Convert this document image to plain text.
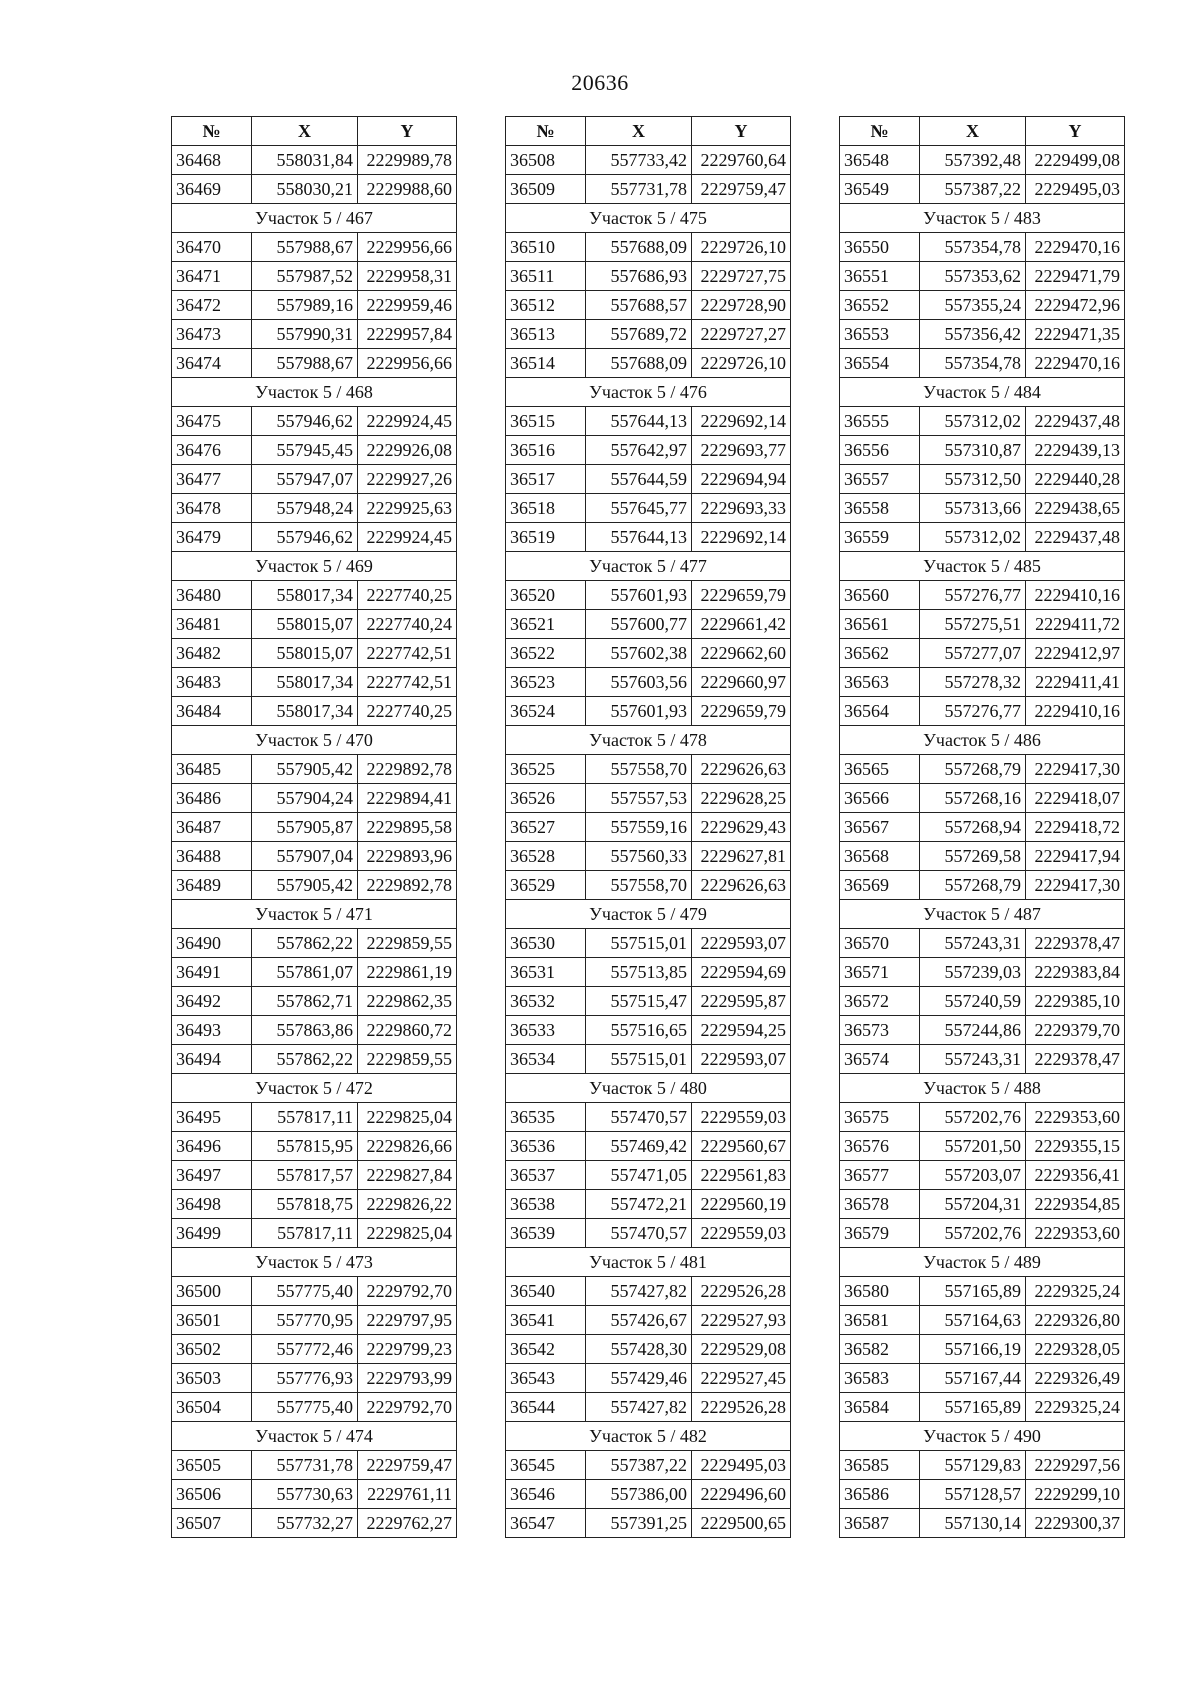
20636
№	X	Y
36468	558031,84	2229989,78
36469	558030,21	2229988,60
Участок 5 / 467		
36470	557988,67	2229956,66
36471	557987,52	2229958,31
36472	557989,16	2229959,46
36473	557990,31	2229957,84
36474	557988,67	2229956,66
Участок 5 / 468		
36475	557946,62	2229924,45
36476	557945,45	2229926,08
36477	557947,07	2229927,26
36478	557948,24	2229925,63
36479	557946,62	2229924,45
Участок 5 / 469		
36480	558017,34	2227740,25
36481	558015,07	2227740,24
36482	558015,07	2227742,51
36483	558017,34	2227742,51
36484	558017,34	2227740,25
Участок 5 / 470		
36485	557905,42	2229892,78
36486	557904,24	2229894,41
36487	557905,87	2229895,58
36488	557907,04	2229893,96
36489	557905,42	2229892,78
Участок 5 / 471		
36490	557862,22	2229859,55
36491	557861,07	2229861,19
36492	557862,71	2229862,35
36493	557863,86	2229860,72
36494	557862,22	2229859,55
Участок 5 / 472		
36495	557817,11	2229825,04
36496	557815,95	2229826,66
36497	557817,57	2229827,84
36498	557818,75	2229826,22
36499	557817,11	2229825,04
Участок 5 / 473		
36500	557775,40	2229792,70
36501	557770,95	2229797,95
36502	557772,46	2229799,23
36503	557776,93	2229793,99
36504	557775,40	2229792,70
Участок 5 / 474		
36505	557731,78	2229759,47
36506	557730,63	2229761,11
36507	557732,27	2229762,27
№	X	Y
36508	557733,42	2229760,64
36509	557731,78	2229759,47
Участок 5 / 475		
36510	557688,09	2229726,10
36511	557686,93	2229727,75
36512	557688,57	2229728,90
36513	557689,72	2229727,27
36514	557688,09	2229726,10
Участок 5 / 476		
36515	557644,13	2229692,14
36516	557642,97	2229693,77
36517	557644,59	2229694,94
36518	557645,77	2229693,33
36519	557644,13	2229692,14
Участок 5 / 477		
36520	557601,93	2229659,79
36521	557600,77	2229661,42
36522	557602,38	2229662,60
36523	557603,56	2229660,97
36524	557601,93	2229659,79
Участок 5 / 478		
36525	557558,70	2229626,63
36526	557557,53	2229628,25
36527	557559,16	2229629,43
36528	557560,33	2229627,81
36529	557558,70	2229626,63
Участок 5 / 479		
36530	557515,01	2229593,07
36531	557513,85	2229594,69
36532	557515,47	2229595,87
36533	557516,65	2229594,25
36534	557515,01	2229593,07
Участок 5 / 480		
36535	557470,57	2229559,03
36536	557469,42	2229560,67
36537	557471,05	2229561,83
36538	557472,21	2229560,19
36539	557470,57	2229559,03
Участок 5 / 481		
36540	557427,82	2229526,28
36541	557426,67	2229527,93
36542	557428,30	2229529,08
36543	557429,46	2229527,45
36544	557427,82	2229526,28
Участок 5 / 482		
36545	557387,22	2229495,03
36546	557386,00	2229496,60
36547	557391,25	2229500,65
№	X	Y
36548	557392,48	2229499,08
36549	557387,22	2229495,03
Участок 5 / 483		
36550	557354,78	2229470,16
36551	557353,62	2229471,79
36552	557355,24	2229472,96
36553	557356,42	2229471,35
36554	557354,78	2229470,16
Участок 5 / 484		
36555	557312,02	2229437,48
36556	557310,87	2229439,13
36557	557312,50	2229440,28
36558	557313,66	2229438,65
36559	557312,02	2229437,48
Участок 5 / 485		
36560	557276,77	2229410,16
36561	557275,51	2229411,72
36562	557277,07	2229412,97
36563	557278,32	2229411,41
36564	557276,77	2229410,16
Участок 5 / 486		
36565	557268,79	2229417,30
36566	557268,16	2229418,07
36567	557268,94	2229418,72
36568	557269,58	2229417,94
36569	557268,79	2229417,30
Участок 5 / 487		
36570	557243,31	2229378,47
36571	557239,03	2229383,84
36572	557240,59	2229385,10
36573	557244,86	2229379,70
36574	557243,31	2229378,47
Участок 5 / 488		
36575	557202,76	2229353,60
36576	557201,50	2229355,15
36577	557203,07	2229356,41
36578	557204,31	2229354,85
36579	557202,76	2229353,60
Участок 5 / 489		
36580	557165,89	2229325,24
36581	557164,63	2229326,80
36582	557166,19	2229328,05
36583	557167,44	2229326,49
36584	557165,89	2229325,24
Участок 5 / 490		
36585	557129,83	2229297,56
36586	557128,57	2229299,10
36587	557130,14	2229300,37
